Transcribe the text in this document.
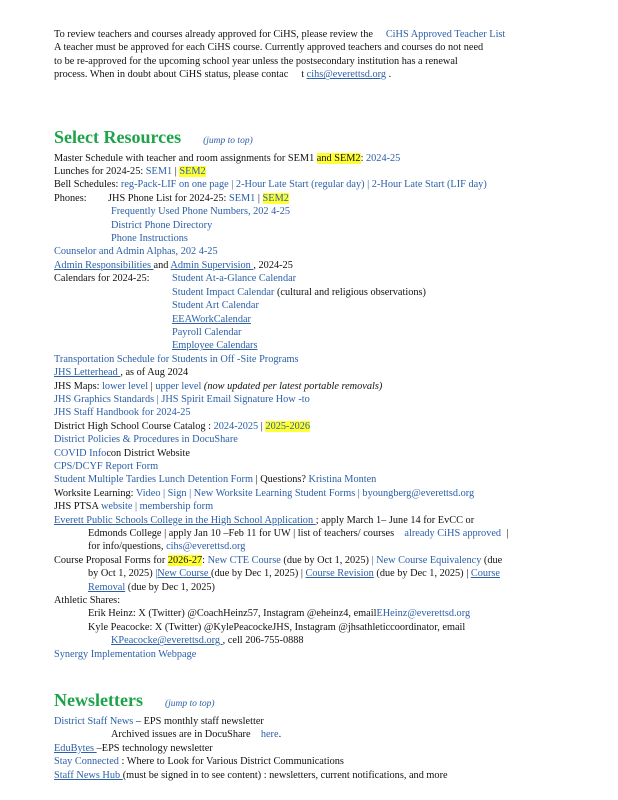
To review teachers and courses already approved for CiHS, please review the CiHS Approved Teacher List

A teacher must be approved for each CiHS course. Currently approved teachers and courses do not need

to be re-approved for the upcoming school year unless the postsecondary institution has a renewal

process. When in doubt about CiHS status, please contac t cihs@everettsd.org .

Select Resources (jump to top)
Master Schedule with teacher and room assignments for SEM1 and SEM2: 2024-25
Lunches for 2024-25: SEM1 | SEM2
Bell Schedules: reg-Pack-LIF on one page | 2-Hour Late Start (regular day) | 2-Hour Late Start (LIF day)
Phones: JHS Phone List for 2024-25: SEM1 | SEM2
Frequently Used Phone Numbers, 202 4-25
District Phone Directory
Phone Instructions
Counselor and Admin Alphas, 202 4-25
Admin Responsibilities and Admin Supervision , 2024-25
Calendars for 2024-25: Student At-a-Glance Calendar
Student Impact Calendar (cultural and religious observations)
Student Art Calendar
EEAWorkCalendar
Payroll Calendar
Employee Calendars
Transportation Schedule for Students in Off -Site Programs
JHS Letterhead , as of Aug 2024
JHS Maps: lower level | upper level (now updated per latest portable removals)
JHS Graphics Standards | JHS Spirit Email Signature How -to
JHS Staff Handbook for 2024-25
District High School Course Catalog : 2024-2025 | 2025-2026
District Policies & Procedures in DocuShare
COVID Infocon District Website
CPS/DCYF Report Form
Student Multiple Tardies Lunch Detention Form | Questions? Kristina Monten
Worksite Learning: Video | Sign | New Worksite Learning Student Forms | byoungberg@everettsd.org
JHS PTSA website | membership form
Everett Public Schools College in the High School Application ; apply March 1– June 14 for EvCC or
Edmonds College | apply Jan 10 –Feb 11 for UW | list of teachers/ courses already CiHS approved |
for info/questions, cihs@everettsd.org
Course Proposal Forms for 2026-27: New CTE Course (due by Oct 1, 2025) | New Course Equivalency (due
by Oct 1, 2025) |New Course (due by Dec 1, 2025) | Course Revision (due by Dec 1, 2025) | Course
Removal (due by Dec 1, 2025)
Athletic Shares:
Erik Heinz: X (Twitter) @CoachHeinz57, Instagram @eheinz4, emailEHeinz@everettsd.org
Kyle Peacocke: X (Twitter) @KylePeacockeJHS, Instagram @jhsathleticcoordinator, email
KPeacocke@everettsd.org , cell 206-755-0888
Synergy Implementation Webpage
Newsletters (jump to top)
District Staff News – EPS monthly staff newsletter
Archived issues are in DocuShare here.
EduBytes –EPS technology newsletter
Stay Connected : Where to Look for Various District Communications
Staff News Hub (must be signed in to see content) : newsletters, current notifications, and more
